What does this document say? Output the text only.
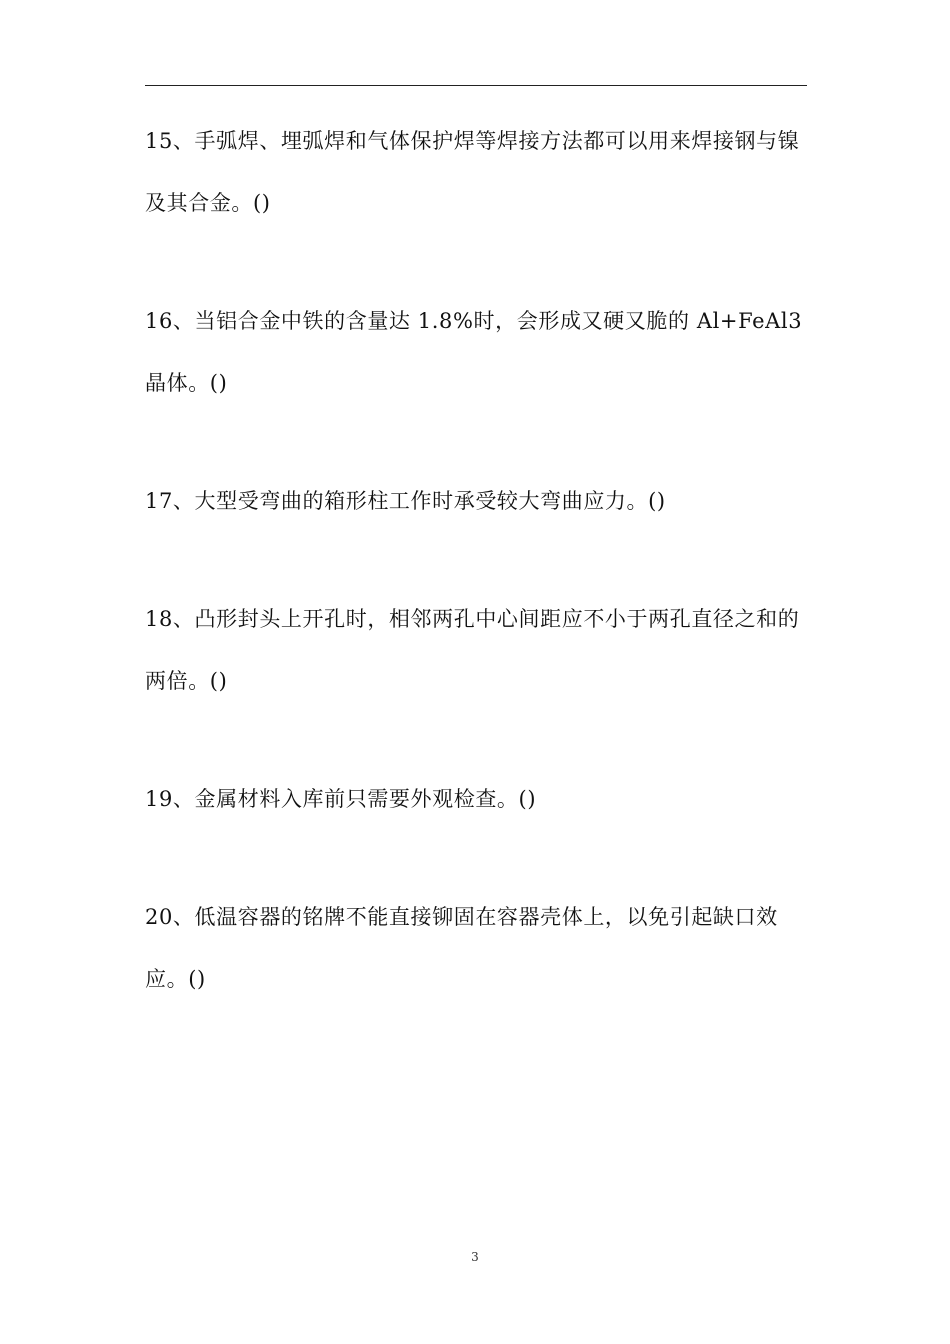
15、手弧焊、埋弧焊和气体保护焊等焊接方法都可以用来焊接钢与镍及其合金。()

16、当铝合金中铁的含量达 1.8%时，会形成又硬又脆的 Al+FeAl3 晶体。()

17、大型受弯曲的箱形柱工作时承受较大弯曲应力。()

18、凸形封头上开孔时，相邻两孔中心间距应不小于两孔直径之和的两倍。()

19、金属材料入库前只需要外观检查。()

20、低温容器的铭牌不能直接铆固在容器壳体上，以免引起缺口效应。()

3
